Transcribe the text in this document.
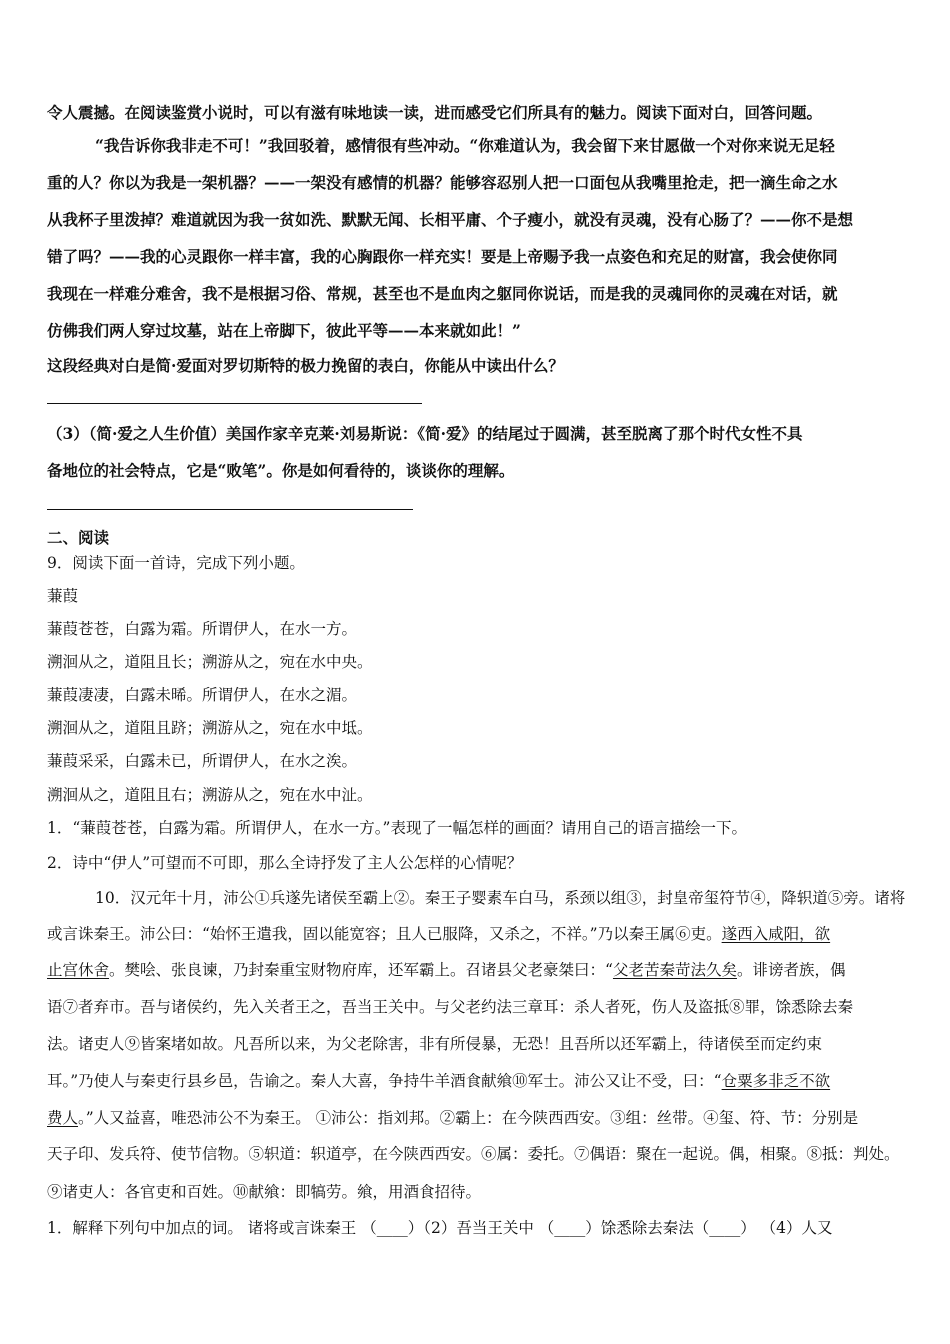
令人震撼。在阅读鉴赏小说时，可以有滋有味地读一读，进而感受它们所具有的魅力。阅读下面对白，回答问题。
“我告诉你我非走不可！”我回驳着，感情很有些冲动。“你难道认为，我会留下来甘愿做一个对你来说无足轻
重的人？你以为我是一架机器？——一架没有感情的机器？能够容忍别人把一口面包从我嘴里抢走，把一滴生命之水
从我杯子里泼掉？难道就因为我一贫如洗、默默无闻、长相平庸、个子瘦小，就没有灵魂，没有心肠了？——你不是想
错了吗？——我的心灵跟你一样丰富，我的心胸跟你一样充实！要是上帝赐予我一点姿色和充足的财富，我会使你同
我现在一样难分难舍，我不是根据习俗、常规，甚至也不是血肉之躯同你说话，而是我的灵魂同你的灵魂在对话，就
仿佛我们两人穿过坟墓，站在上帝脚下，彼此平等——本来就如此！”
这段经典对白是简·爱面对罗切斯特的极力挽留的表白，你能从中读出什么？
（3）（简·爱之人生价值）美国作家辛克莱·刘易斯说：《简·爱》的结尾过于圆满，甚至脱离了那个时代女性不具
备地位的社会特点，它是“败笔”。你是如何看待的，谈谈你的理解。
二、阅读
9．阅读下面一首诗，完成下列小题。
蒹葭
蒹葭苍苍，白露为霜。所谓伊人，在水一方。
溯洄从之，道阻且长；溯游从之，宛在水中央。
蒹葭凄凄，白露未晞。所谓伊人，在水之湄。
溯洄从之，道阻且跻；溯游从之，宛在水中坻。
蒹葭采采，白露未已，所谓伊人，在水之涘。
溯洄从之，道阻且右；溯游从之，宛在水中沚。
1．“蒹葭苍苍，白露为霜。所谓伊人，在水一方。”表现了一幅怎样的画面？请用自己的语言描绘一下。
2．诗中“伊人”可望而不可即，那么全诗抒发了主人公怎样的心情呢？
10．汉元年十月，沛公①兵遂先诸侯至霸上②。秦王子婴素车白马，系颈以组③，封皇帝玺符节④，降轵道⑤旁。诸将
或言诛秦王。沛公曰：“始怀王遣我，固以能宽容；且人已服降，又杀之，不祥。”乃以秦王属⑥吏。遂西入咸阳，欲
止宫休舍。樊哙、张良谏，乃封秦重宝财物府库，还军霸上。召诸县父老豪桀曰：“父老苦秦苛法久矣。诽谤者族，偶
语⑦者弃市。吾与诸侯约，先入关者王之，吾当王关中。与父老约法三章耳：杀人者死，伤人及盗抵⑧罪，馀悉除去秦
法。诸吏人⑨皆案堵如故。凡吾所以来，为父老除害，非有所侵暴，无恐！且吾所以还军霸上，待诸侯至而定约束
耳。”乃使人与秦吏行县乡邑，告谕之。秦人大喜，争持牛羊酒食献飨⑩军士。沛公又让不受，曰：“仓粟多非乏不欲
费人。”人又益喜，唯恐沛公不为秦王。 ①沛公：指刘邦。②霸上：在今陕西西安。③组：丝带。④玺、符、节：分别是
天子印、发兵符、使节信物。⑤轵道：轵道亭，在今陕西西安。⑥属：委托。⑦偶语：聚在一起说。偶，相聚。⑧抵：判处。
⑨诸吏人：各官吏和百姓。⑩献飨：即犒劳。飨，用酒食招待。
1．解释下列句中加点的词。 诸将或言诛秦王 （____）（2）吾当王关中 （____）馀悉除去秦法（____） （4）人又
